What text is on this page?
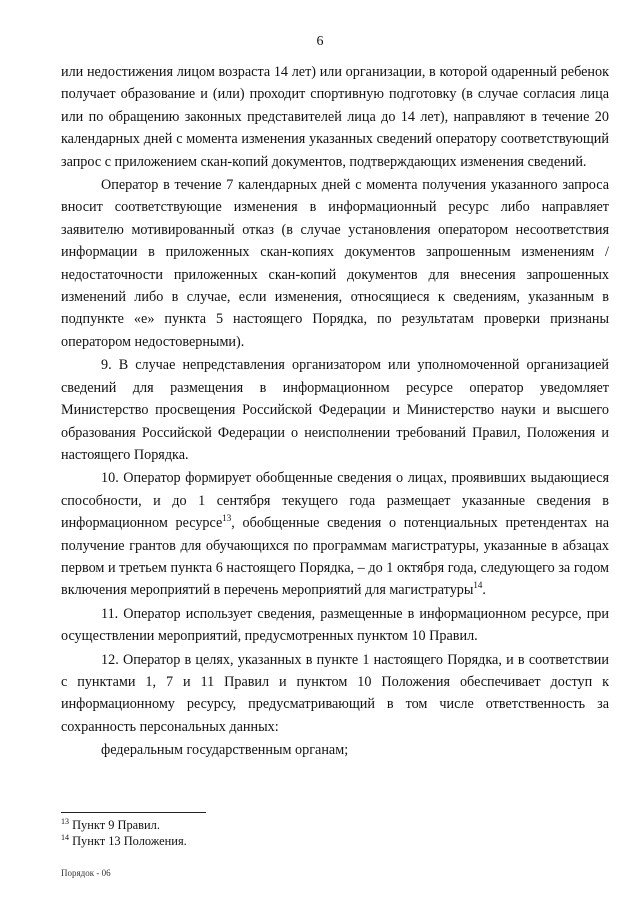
6

или недостижения лицом возраста 14 лет) или организации, в которой одаренный ребенок получает образование и (или) проходит спортивную подготовку (в случае согласия лица или по обращению законных представителей лица до 14 лет), направляют в течение 20 календарных дней с момента изменения указанных сведений оператору соответствующий запрос с приложением скан-копий документов, подтверждающих изменения сведений.

Оператор в течение 7 календарных дней с момента получения указанного запроса вносит соответствующие изменения в информационный ресурс либо направляет заявителю мотивированный отказ (в случае установления оператором несоответствия информации в приложенных скан-копиях документов запрошенным изменениям / недостаточности приложенных скан-копий документов для внесения запрошенных изменений либо в случае, если изменения, относящиеся к сведениям, указанным в подпункте «е» пункта 5 настоящего Порядка, по результатам проверки признаны оператором недостоверными).

9. В случае непредставления организатором или уполномоченной организацией сведений для размещения в информационном ресурсе оператор уведомляет Министерство просвещения Российской Федерации и Министерство науки и высшего образования Российской Федерации о неисполнении требований Правил, Положения и настоящего Порядка.

10. Оператор формирует обобщенные сведения о лицах, проявивших выдающиеся способности, и до 1 сентября текущего года размещает указанные сведения в информационном ресурсе$^{13}$, обобщенные сведения о потенциальных претендентах на получение грантов для обучающихся по программам магистратуры, указанные в абзацах первом и третьем пункта 6 настоящего Порядка, – до 1 октября года, следующего за годом включения мероприятий в перечень мероприятий для магистратуры$^{14}$.

11. Оператор использует сведения, размещенные в информационном ресурсе, при осуществлении мероприятий, предусмотренных пунктом 10 Правил.

12. Оператор в целях, указанных в пункте 1 настоящего Порядка, и в соответствии с пунктами 1, 7 и 11 Правил и пунктом 10 Положения обеспечивает доступ к информационному ресурсу, предусматривающий в том числе ответственность за сохранность персональных данных:

федеральным государственным органам;

$^{13}$ Пункт 9 Правил.
$^{14}$ Пункт 13 Положения.
Порядок - 06
